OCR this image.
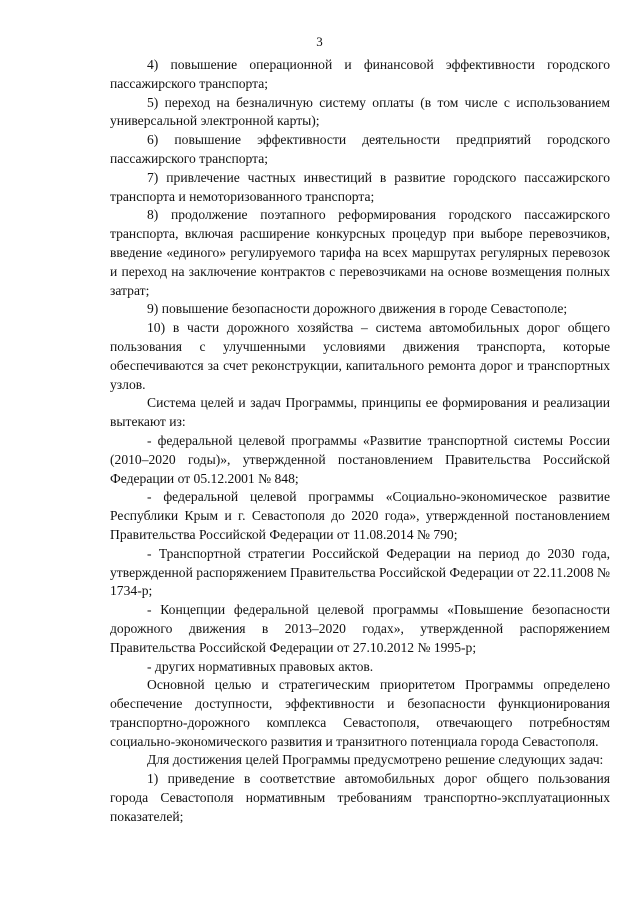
3

4) повышение операционной и финансовой эффективности городского пассажирского транспорта;

5) переход на безналичную систему оплаты (в том числе с использованием универсальной электронной карты);

6) повышение эффективности деятельности предприятий городского пассажирского транспорта;

7) привлечение частных инвестиций в развитие городского пассажирского транспорта и немоторизованного транспорта;

8) продолжение поэтапного реформирования городского пассажирского транспорта, включая расширение конкурсных процедур при выборе перевозчиков, введение «единого» регулируемого тарифа на всех маршрутах регулярных перевозок и переход на заключение контрактов с перевозчиками на основе возмещения полных затрат;

9) повышение безопасности дорожного движения в городе Севастополе;

10) в части дорожного хозяйства – система автомобильных дорог общего пользования с улучшенными условиями движения транспорта, которые обеспечиваются за счет реконструкции, капитального ремонта дорог и транспортных узлов.

Система целей и задач Программы, принципы ее формирования и реализации вытекают из:

- федеральной целевой программы «Развитие транспортной системы России (2010–2020 годы)», утвержденной постановлением Правительства Российской Федерации от 05.12.2001 № 848;

- федеральной целевой программы «Социально-экономическое развитие Республики Крым и г. Севастополя до 2020 года», утвержденной постановлением Правительства Российской Федерации от 11.08.2014 № 790;

- Транспортной стратегии Российской Федерации на период до 2030 года, утвержденной распоряжением Правительства Российской Федерации от 22.11.2008 № 1734-р;

- Концепции федеральной целевой программы «Повышение безопасности дорожного движения в 2013–2020 годах», утвержденной распоряжением Правительства Российской Федерации от 27.10.2012 № 1995-р;

- других нормативных правовых актов.

Основной целью и стратегическим приоритетом Программы определено обеспечение доступности, эффективности и безопасности функционирования транспортно-дорожного комплекса Севастополя, отвечающего потребностям социально-экономического развития и транзитного потенциала города Севастополя.

Для достижения целей Программы предусмотрено решение следующих задач:

1) приведение в соответствие автомобильных дорог общего пользования города Севастополя нормативным требованиям транспортно-эксплуатационных показателей;
